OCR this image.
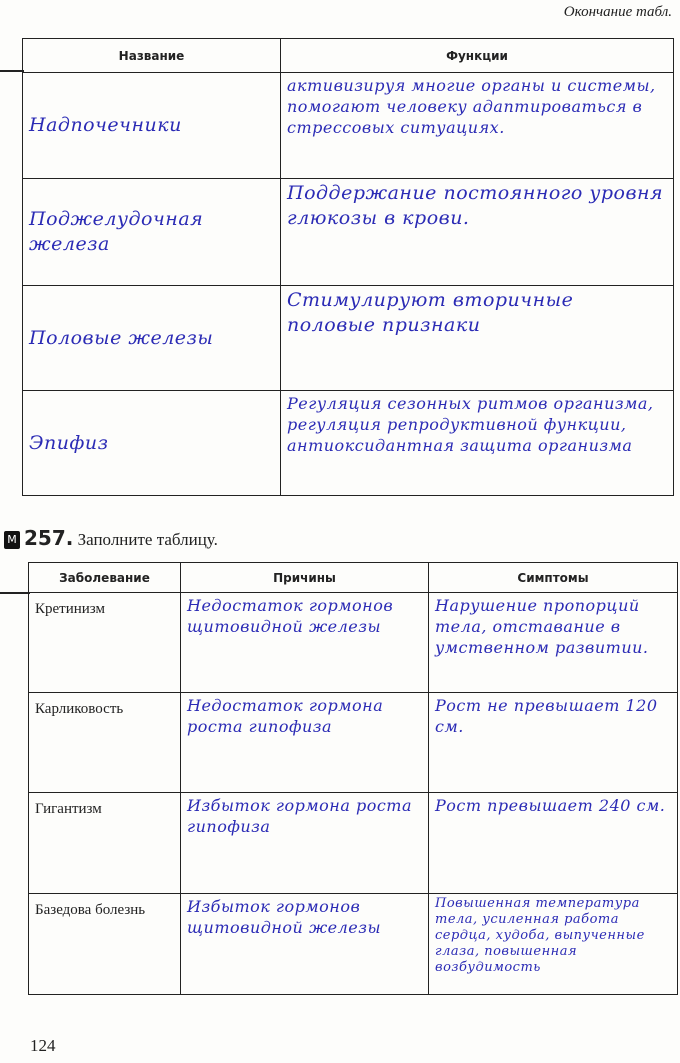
Окончание табл.
Название	Функции
Надпочечники	активизируя многие органы и системы, помогают человеку адаптироваться в стрессовых ситуациях.
Поджелудочная железа	Поддержание постоянного уровня глюкозы в крови.
Половые железы	Стимулируют вторичные половые признаки
Эпифиз	Регуляция сезонных ритмов организма, регуляция репродуктивной функции, антиоксидантная защита организма
М 257. Заполните таблицу.
Заболевание	Причины	Симптомы
Кретинизм	Недостаток гормонов щитовидной железы	Нарушение пропорций тела, отставание в умственном развитии.
Карликовость	Недостаток гормона роста гипофиза	Рост не превышает 120 см.
Гигантизм	Избыток гормона роста гипофиза	Рост превышает 240 см.
Базедова болезнь	Избыток гормонов щитовидной железы	Повышенная температура тела, усиленная работа сердца, худоба, выпученные глаза, повышенная возбудимость
124
